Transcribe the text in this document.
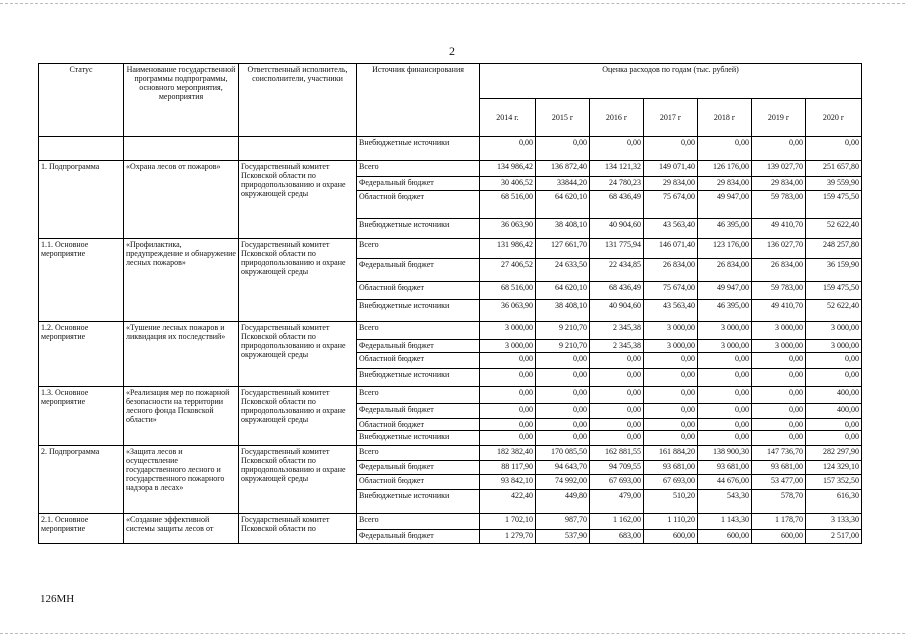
2
Статус	Наименование государственной программы подпрограммы, основного мероприятия, мероприятия	Ответственный исполнитель, соисполнители, участники	Источник финансирования	Оценка расходов по годам (тыс. рублей)						
				2014 г.	2015 г	2016 г	2017 г	2018 г	2019 г	2020 г
			Внебюджетные источники	0,00	0,00	0,00	0,00	0,00	0,00	0,00
1. Подпрограмма	«Охрана лесов от пожаров»	Государственный комитет Псковской области по природопользованию и охране окружающей среды	Всего	134 986,42	136 872,40	134 121,32	149 071,40	126 176,00	139 027,70	251 657,80
			Федеральный бюджет	30 406,52	33844,20	24 780,23	29 834,00	29 834,00	29 834,00	39 559,90
			Областной бюджет	68 516,00	64 620,10	68 436,49	75 674,00	49 947,00	59 783,00	159 475,50
			Внебюджетные источники	36 063,90	38 408,10	40 904,60	43 563,40	46 395,00	49 410,70	52 622,40
1.1. Основное мероприятие	«Профилактика, предупреждение и обнаружение лесных пожаров»	Государственный комитет Псковской области по природопользованию и охране окружающей среды	Всего	131 986,42	127 661,70	131 775,94	146 071,40	123 176,00	136 027,70	248 257,80
			Федеральный бюджет	27 406,52	24 633,50	22 434,85	26 834,00	26 834,00	26 834,00	36 159,90
			Областной бюджет	68 516,00	64 620,10	68 436,49	75 674,00	49 947,00	59 783,00	159 475,50
			Внебюджетные источники	36 063,90	38 408,10	40 904,60	43 563,40	46 395,00	49 410,70	52 622,40
1.2. Основное мероприятие	«Тушение лесных пожаров и ликвидация их последствий»	Государственный комитет Псковской области по природопользованию и охране окружающей среды	Всего	3 000,00	9 210,70	2 345,38	3 000,00	3 000,00	3 000,00	3 000,00
			Федеральный бюджет	3 000,00	9 210,70	2 345,38	3 000,00	3 000,00	3 000,00	3 000,00
			Областной бюджет	0,00	0,00	0,00	0,00	0,00	0,00	0,00
			Внебюджетные источники	0,00	0,00	0,00	0,00	0,00	0,00	0,00
1.3. Основное мероприятие	«Реализация мер по пожарной безопасности на территории лесного фонда Псковской области»	Государственный комитет Псковской области по природопользованию и охране окружающей среды	Всего	0,00	0,00	0,00	0,00	0,00	0,00	400,00
			Федеральный бюджет	0,00	0,00	0,00	0,00	0,00	0,00	400,00
			Областной бюджет	0,00	0,00	0,00	0,00	0,00	0,00	0,00
			Внебюджетные источники	0,00	0,00	0,00	0,00	0,00	0,00	0,00
2. Подпрограмма	«Защита лесов и осуществление государственного лесного и государственного пожарного надзора в лесах»	Государственный комитет Псковской области по природопользованию и охране окружающей среды	Всего	182 382,40	170 085,50	162 881,55	161 884,20	138 900,30	147 736,70	282 297,90
			Федеральный бюджет	88 117,90	94 643,70	94 709,55	93 681,00	93 681,00	93 681,00	124 329,10
			Областной бюджет	93 842,10	74 992,00	67 693,00	67 693,00	44 676,00	53 477,00	157 352,50
			Внебюджетные источники	422,40	449,80	479,00	510,20	543,30	578,70	616,30
2.1. Основное мероприятие	«Создание эффективной системы защиты лесов от	Государственный комитет Псковской области по	Всего	1 702,10	987,70	1 162,00	1 110,20	1 143,30	1 178,70	3 133,30
			Федеральный бюджет	1 279,70	537,90	683,00	600,00	600,00	600,00	2 517,00
126МН
